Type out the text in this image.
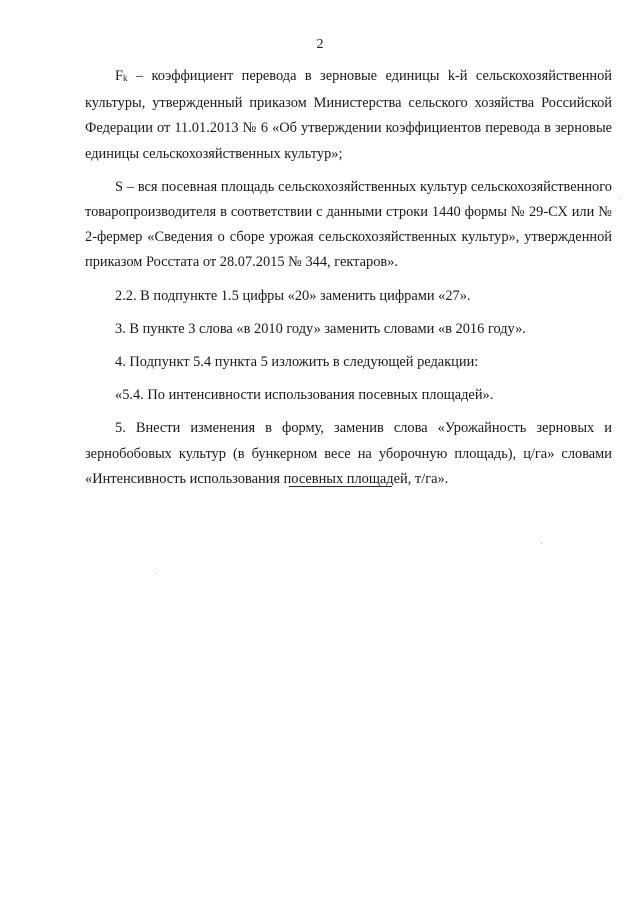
2

Fk – коэффициент перевода в зерновые единицы k-й сельскохозяйственной культуры, утвержденный приказом Министерства сельского хозяйства Российской Федерации от 11.01.2013 № 6 «Об утверждении коэффициентов перевода в зерновые единицы сельскохозяйственных культур»;

S – вся посевная площадь сельскохозяйственных культур сельскохозяйственного товаропроизводителя в соответствии с данными строки 1440 формы № 29-СХ или № 2-фермер «Сведения о сборе урожая сельскохозяйственных культур», утвержденной приказом Росстата от 28.07.2015 № 344, гектаров».

2.2. В подпункте 1.5 цифры «20» заменить цифрами «27».

3. В пункте 3 слова «в 2010 году» заменить словами «в 2016 году».

4. Подпункт 5.4 пункта 5 изложить в следующей редакции:

«5.4. По интенсивности использования посевных площадей».

5. Внести изменения в форму, заменив слова «Урожайность зерновых и зернобобовых культур (в бункерном весе на уборочную площадь), ц/га» словами «Интенсивность использования посевных площадей, т/га».
